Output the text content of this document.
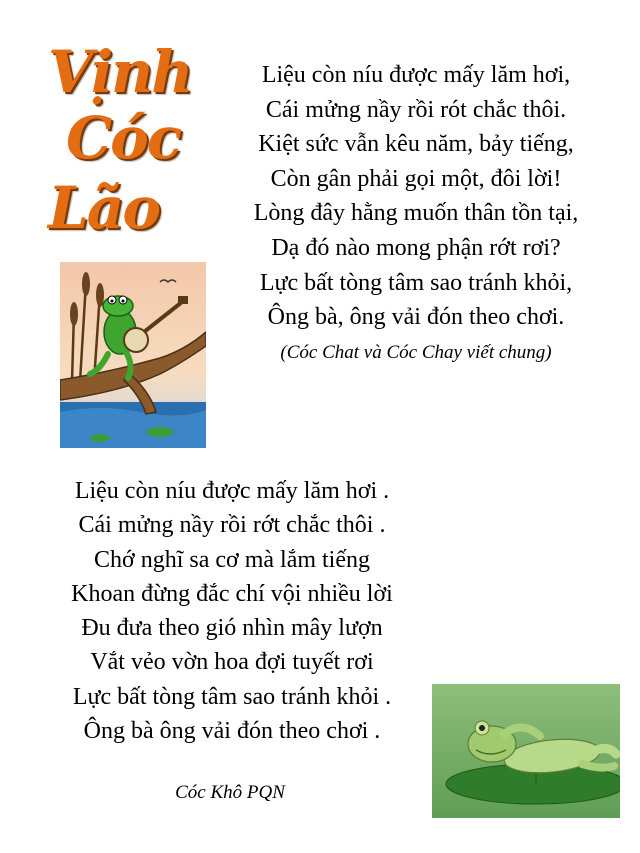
Vịnh
Cóc
Lão
Liệu còn níu được mấy lăm hơi,
Cái mửng nầy rồi rót chắc thôi.
Kiệt sức vẫn kêu năm, bảy tiếng,
Còn gân phải gọi một, đôi lời!
Lòng đây hằng muốn thân tồn tại,
Dạ đó nào mong phận rớt rơi?
Lực bất tòng tâm sao tránh khỏi,
Ông bà, ông vải đón theo chơi.
(Cóc Chat và Cóc Chay viết chung)
Liệu còn níu được mấy lăm hơi .
Cái mửng nầy rồi rớt chắc thôi .
Chớ nghĩ sa cơ mà lắm tiếng
Khoan đừng đắc chí vội nhiều lời
Đu đưa theo gió nhìn mây lượn
Vắt vẻo vờn hoa đợi tuyết rơi
Lực bất tòng tâm sao tránh khỏi .
Ông bà ông vải đón theo chơi .
Cóc Khô PQN
